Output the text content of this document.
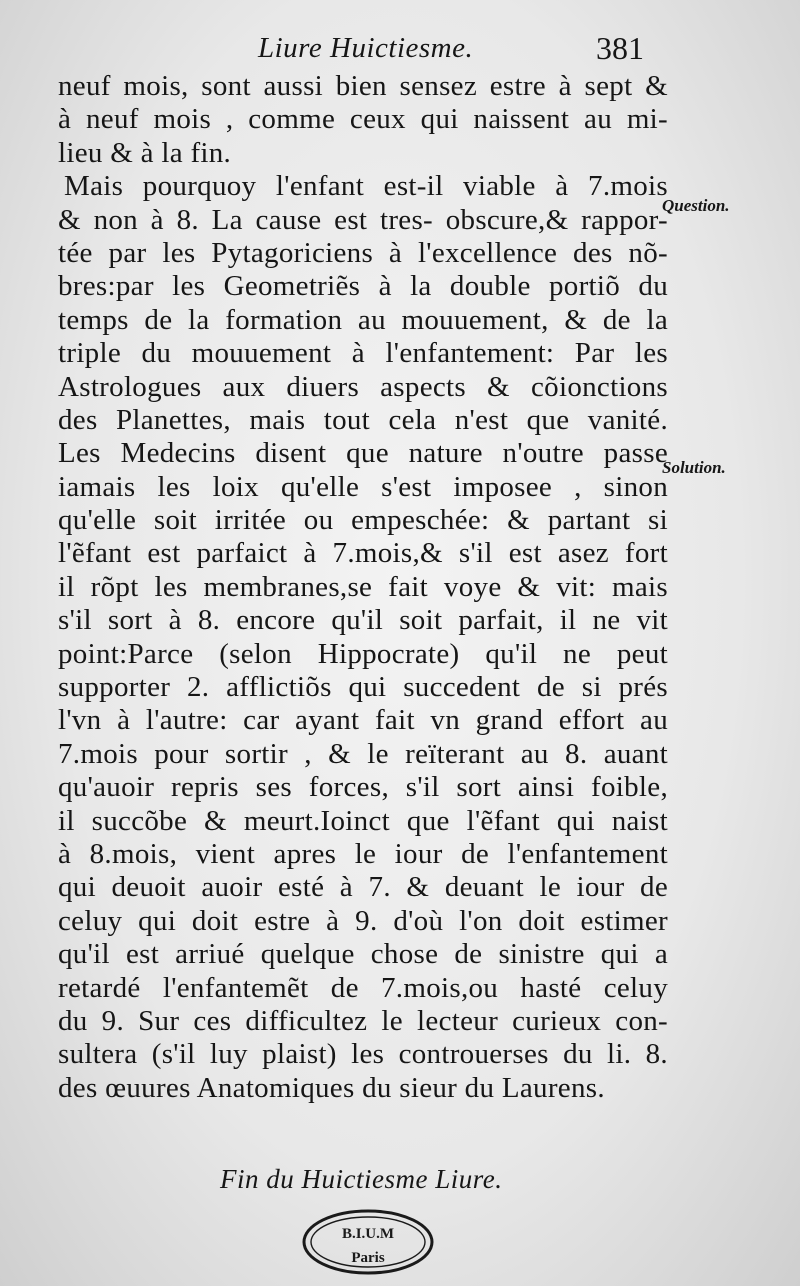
Liure Huictiesme.	381
neuf mois, sont aussi bien sensez estre à sept &
à neuf mois , comme ceux qui naissent au mi-
lieu & à la fin.
Mais pourquoy l'enfant est-il viable à 7.mois
& non à 8. La cause est tres- obscure,& rappor-
tée par les Pytagoriciens à l'excellence des nõ-
bres:par les Geometriẽs à la double portiõ du
temps de la formation au mouuement, & de la
triple du mouuement à l'enfantement: Par les
Astrologues aux diuers aspects & cõionctions
des Planettes, mais tout cela n'est que vanité.
Les Medecins disent que nature n'outre passe
iamais les loix qu'elle s'est imposee , sinon
qu'elle soit irritée ou empeschée: & partant si
l'ẽfant est parfaict à 7.mois,& s'il est asez fort
il rõpt les membranes,se fait voye & vit: mais
s'il sort à 8. encore qu'il soit parfait, il ne vit
point:Parce (selon Hippocrate) qu'il ne peut
supporter 2. afflictiõs qui succedent de si prés
l'vn à l'autre: car ayant fait vn grand effort au
7.mois pour sortir , & le reïterant au 8. auant
qu'auoir repris ses forces, s'il sort ainsi foible,
il succõbe & meurt.Ioinct que l'ẽfant qui naist
à 8.mois, vient apres le iour de l'enfantement
qui deuoit auoir esté à 7. & deuant le iour de
celuy qui doit estre à 9. d'où l'on doit estimer
qu'il est arriué quelque chose de sinistre qui a
retardé l'enfantemẽt de 7.mois,ou hasté celuy
du 9. Sur ces difficultez le lecteur curieux con-
sultera (s'il luy plaist) les controuerses du li. 8.
des œuures Anatomiques du sieur du Laurens.
Question.
Solution.
Fin du Huictiesme Liure.
B.I.U.M
Paris
